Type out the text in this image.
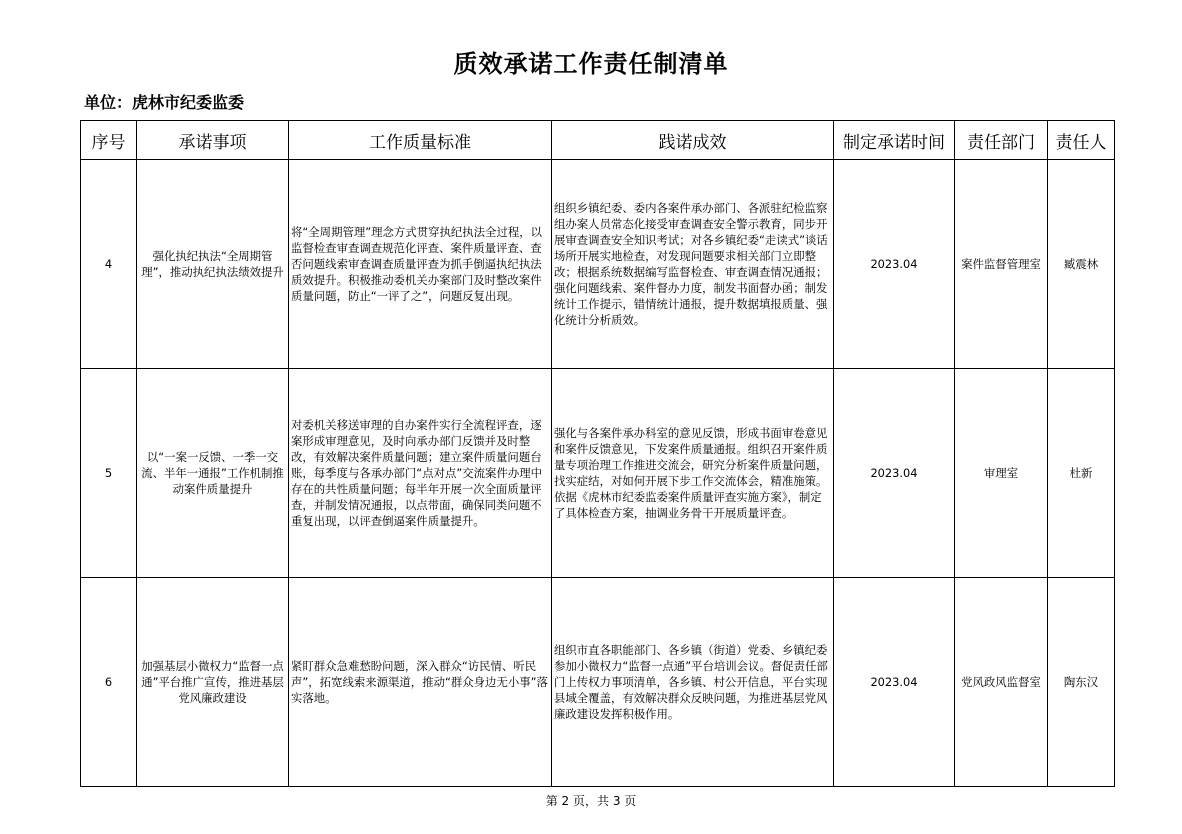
质效承诺工作责任制清单
单位：虎林市纪委监委
序号	承诺事项	工作质量标准	践诺成效	制定承诺时间	责任部门	责任人
4	强化执纪执法“全周期管理”，推动执纪执法绩效提升	将“全周期管理”理念方式贯穿执纪执法全过程，以监督检查审查调查规范化评查、案件质量评查、查否问题线索审查调查质量评查为抓手倒逼执纪执法质效提升。积极推动委机关办案部门及时整改案件质量问题，防止“一评了之”，问题反复出现。	组织乡镇纪委、委内各案件承办部门、各派驻纪检监察组办案人员常态化接受审查调查安全警示教育，同步开展审查调查安全知识考试；对各乡镇纪委“走读式”谈话场所开展实地检查，对发现问题要求相关部门立即整改；根据系统数据编写监督检查、审查调查情况通报；强化问题线索、案件督办力度，制发书面督办函；制发统计工作提示，错情统计通报，提升数据填报质量、强化统计分析质效。	2023.04	案件监督管理室	臧震林
5	以“一案一反馈、一季一交流、半年一通报”工作机制推动案件质量提升	对委机关移送审理的自办案件实行全流程评查，逐案形成审理意见，及时向承办部门反馈并及时整改，有效解决案件质量问题；建立案件质量问题台账，每季度与各承办部门“点对点”交流案件办理中存在的共性质量问题；每半年开展一次全面质量评查，并制发情况通报，以点带面，确保同类问题不重复出现，以评查倒逼案件质量提升。	强化与各案件承办科室的意见反馈，形成书面审卷意见和案件反馈意见，下发案件质量通报。组织召开案件质量专项治理工作推进交流会，研究分析案件质量问题，找实症结，对如何开展下步工作交流体会，精准施策。依据《虎林市纪委监委案件质量评查实施方案》，制定了具体检查方案，抽调业务骨干开展质量评查。	2023.04	审理室	杜新
6	加强基层小微权力“监督一点通”平台推广宣传，推进基层党风廉政建设	紧盯群众急难愁盼问题，深入群众“访民情、听民声”，拓宽线索来源渠道，推动“群众身边无小事”落实落地。	组织市直各职能部门、各乡镇（街道）党委、乡镇纪委参加小微权力“监督一点通”平台培训会议。督促责任部门上传权力事项清单，各乡镇、村公开信息，平台实现县域全覆盖，有效解决群众反映问题，为推进基层党风廉政建设发挥积极作用。	2023.04	党风政风监督室	陶东汉
第 2 页，共 3 页
